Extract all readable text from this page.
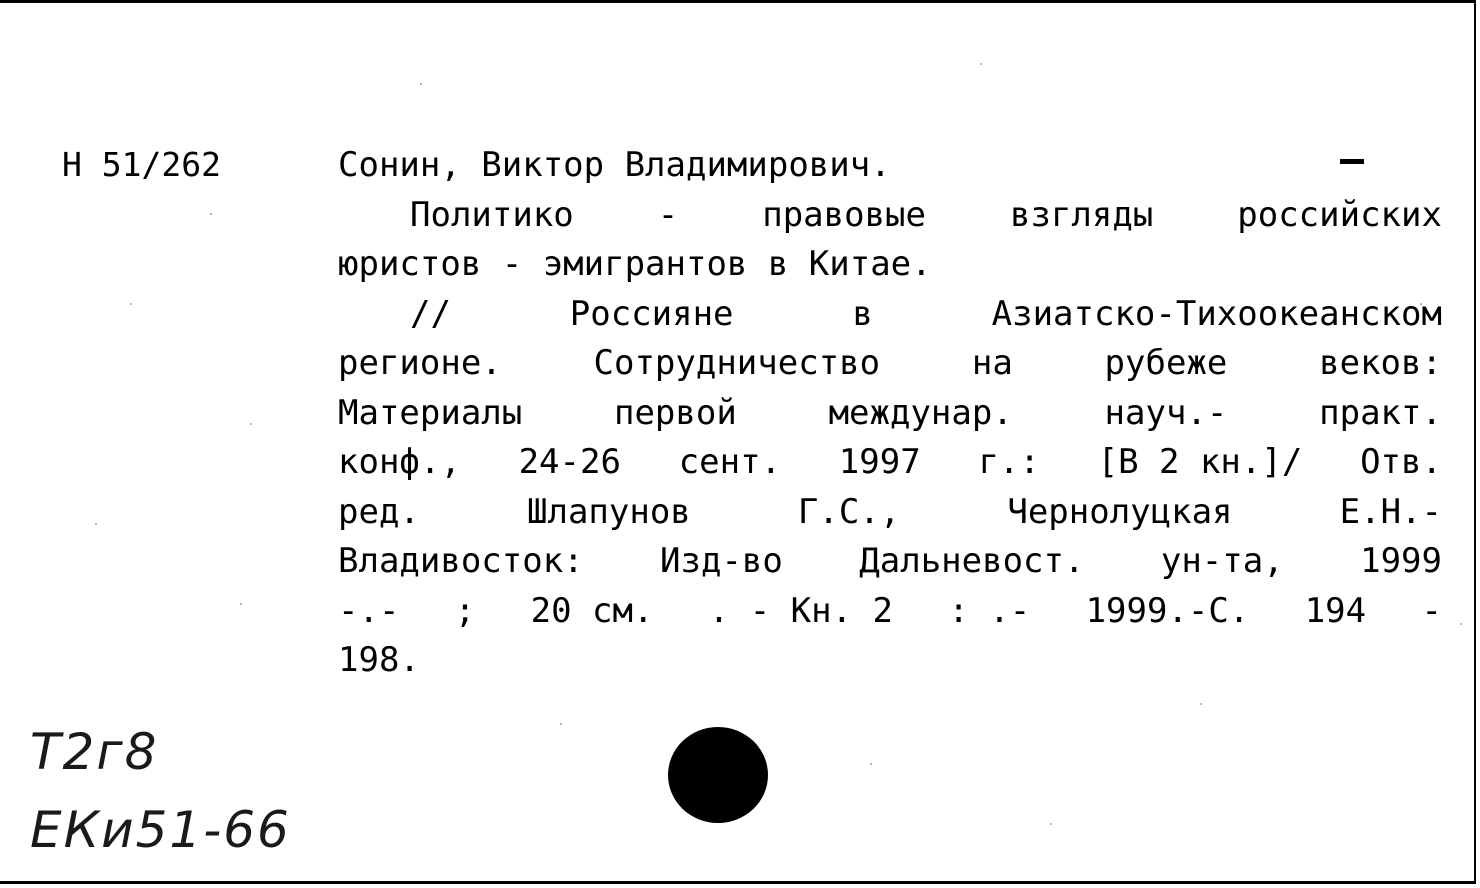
Н 51/262	Сонин, Виктор Владимирович.
Политико - правовые взгляды российских
юристов - эмигрантов в Китае.
//	Россияне	в	Азиатско-Тихоокеанском
регионе.	Сотрудничество	на	рубеже	веков:
Материалы	первой	междунар.	науч.-	практ.
конф., 24-26 сент. 1997 г.: [В 2 кн.]/ Отв.
ред.	Шлапунов	Г.С.,	Чернолуцкая	Е.Н.-
Владивосток: Изд-во Дальневост. ун-та, 1999
-.- ; 20 см. . - Кн. 2 : .- 1999.-С. 194 -
198.
Т2г8
ЕКи51-66
